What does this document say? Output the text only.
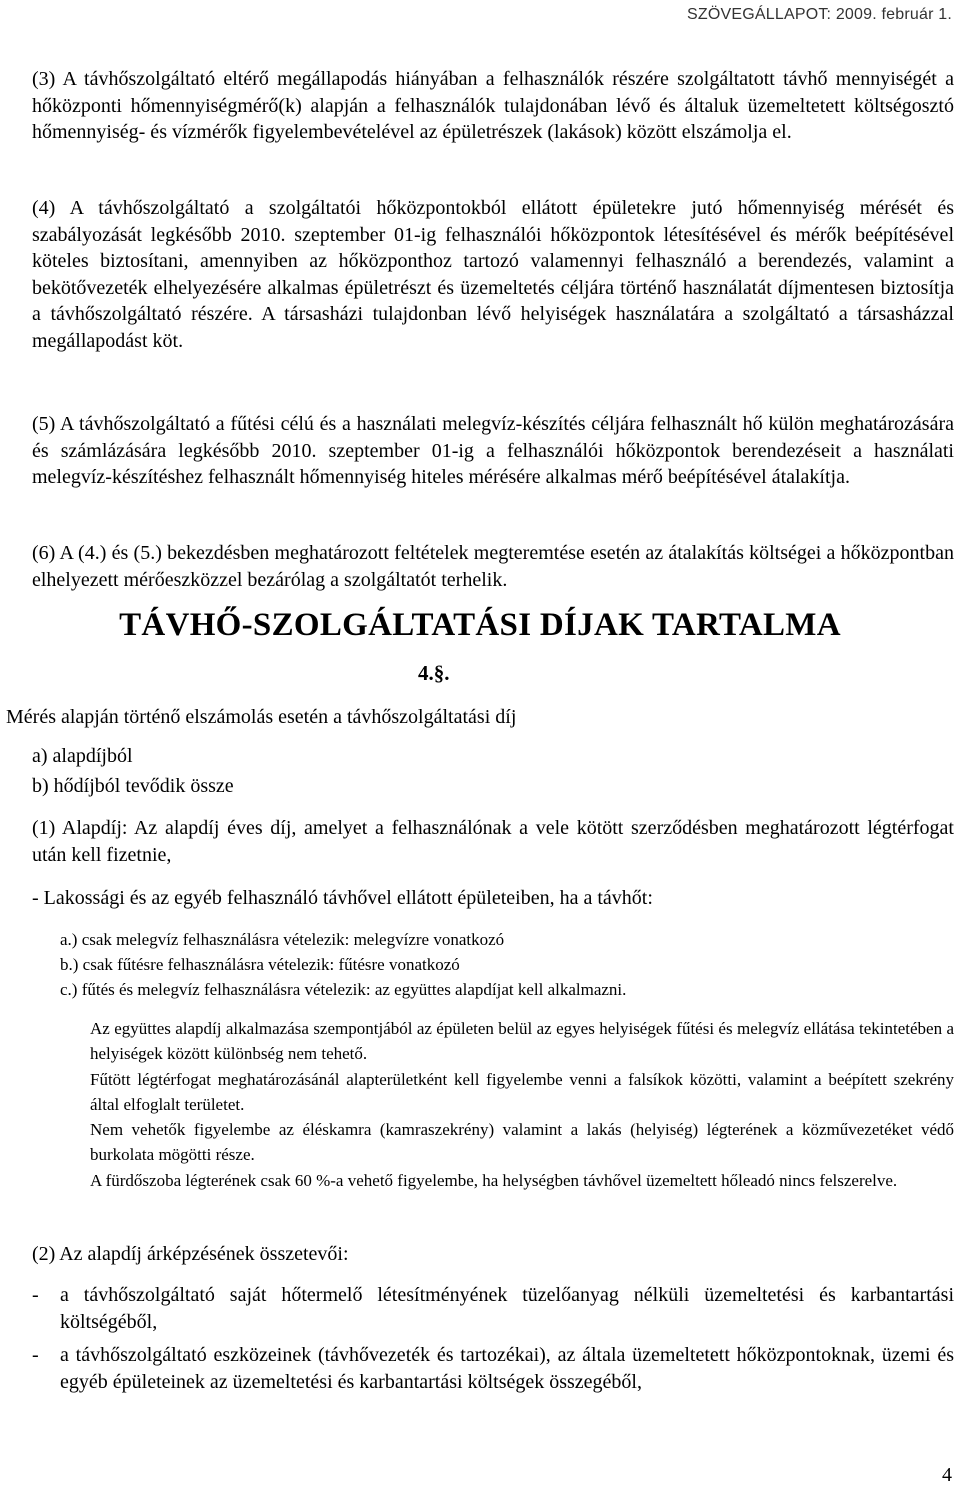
SZÖVEGÁLLAPOT: 2009. február 1.

(3) A távhőszolgáltató eltérő megállapodás hiányában a felhasználók részére szolgáltatott távhő mennyiségét a hőközponti hőmennyiségmérő(k) alapján a felhasználók tulajdonában lévő és általuk üzemeltetett költségosztó hőmennyiség- és vízmérők figyelembevételével az épületrészek (lakások) között elszámolja el.

(4) A távhőszolgáltató a szolgáltatói hőközpontokból ellátott épületekre jutó hőmennyiség mérését és szabályozását legkésőbb 2010. szeptember 01-ig felhasználói hőközpontok létesítésével és mérők beépítésével köteles biztosítani, amennyiben az hőközponthoz tartozó valamennyi felhasználó a berendezés, valamint a bekötővezeték elhelyezésére alkalmas épületrészt és üzemeltetés céljára történő használatát díjmentesen biztosítja a távhőszolgáltató részére. A társasházi tulajdonban lévő helyiségek használatára a szolgáltató a társasházzal megállapodást köt.

(5) A távhőszolgáltató a fűtési célú és a használati melegvíz-készítés céljára felhasznált hő külön meghatározására és számlázására legkésőbb 2010. szeptember 01-ig a felhasználói hőközpontok berendezéseit a használati melegvíz-készítéshez felhasznált hőmennyiség hiteles mérésére alkalmas mérő beépítésével átalakítja.

(6) A (4.) és (5.) bekezdésben meghatározott feltételek megteremtése esetén az átalakítás költségei a hőközpontban elhelyezett mérőeszközzel bezárólag a szolgáltatót terhelik.

TÁVHŐ-SZOLGÁLTATÁSI DÍJAK TARTALMA
4.§.
Mérés alapján történő elszámolás esetén a távhőszolgáltatási díj
a) alapdíjból
b) hődíjból tevődik össze

(1) Alapdíj: Az alapdíj éves díj, amelyet a felhasználónak a vele kötött szerződésben meghatározott légtérfogat után kell fizetnie,

- Lakossági és az egyéb felhasználó távhővel ellátott épületeiben, ha a távhőt:
a.) csak melegvíz felhasználásra vételezik: melegvízre vonatkozó
b.) csak fűtésre felhasználásra vételezik: fűtésre vonatkozó
c.) fűtés és melegvíz felhasználásra vételezik: az együttes alapdíjat kell alkalmazni.

Az együttes alapdíj alkalmazása szempontjából az épületen belül az egyes helyiségek fűtési és melegvíz ellátása tekintetében a helyiségek között különbség nem tehető.

Fűtött légtérfogat meghatározásánál alapterületként kell figyelembe venni a falsíkok közötti, valamint a beépített szekrény által elfoglalt területet.

Nem vehetők figyelembe az éléskamra (kamraszekrény) valamint a lakás (helyiség) légterének a közművezetéket védő burkolata mögötti része.

A fürdőszoba légterének csak 60 %-a vehető figyelembe, ha helységben távhővel üzemeltett hőleadó nincs felszerelve.

(2) Az alapdíj árképzésének összetevői:

- a távhőszolgáltató saját hőtermelő létesítményének tüzelőanyag nélküli üzemeltetési és karbantartási költségéből,
- a távhőszolgáltató eszközeinek (távhővezeték és tartozékai), az általa üzemeltetett hőközpontoknak, üzemi és egyéb épületeinek az üzemeltetési és karbantartási költségek összegéből,
4
